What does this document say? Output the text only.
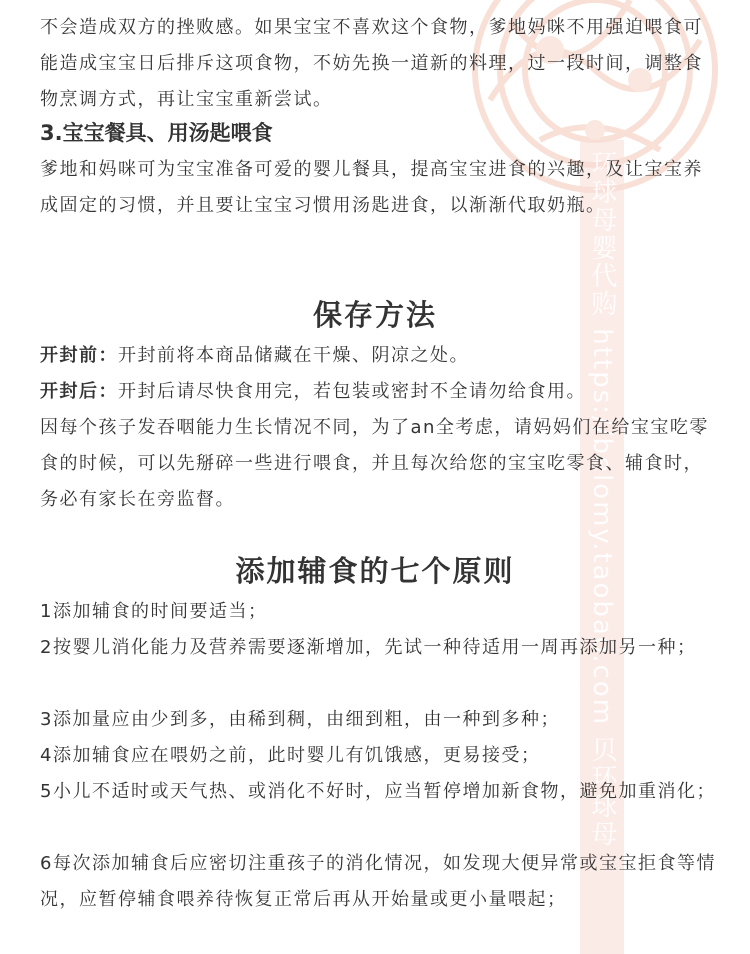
环球母婴代购 https://belomy.taobao.com 贝环球母

不会造成双方的挫败感。如果宝宝不喜欢这个食物，爹地妈咪不用强迫喂食可能造成宝宝日后排斥这项食物，不妨先换一道新的料理，过一段时间，调整食物烹调方式，再让宝宝重新尝试。

3.宝宝餐具、用汤匙喂食

爹地和妈咪可为宝宝准备可爱的婴儿餐具，提高宝宝进食的兴趣，及让宝宝养成固定的习惯，并且要让宝宝习惯用汤匙进食，以渐渐代取奶瓶。

保存方法

开封前：开封前将本商品储藏在干燥、阴凉之处。

开封后：开封后请尽快食用完，若包装或密封不全请勿给食用。

因每个孩子发吞咽能力生长情况不同，为了an全考虑，请妈妈们在给宝宝吃零食的时候，可以先掰碎一些进行喂食，并且每次给您的宝宝吃零食、辅食时，务必有家长在旁监督。

添加辅食的七个原则

1添加辅食的时间要适当；

2按婴儿消化能力及营养需要逐渐增加，先试一种待适用一周再添加另一种；

3添加量应由少到多，由稀到稠，由细到粗，由一种到多种；

4添加辅食应在喂奶之前，此时婴儿有饥饿感，更易接受；

5小儿不适时或天气热、或消化不好时，应当暂停增加新食物，避免加重消化；

6每次添加辅食后应密切注重孩子的消化情况，如发现大便异常或宝宝拒食等情况，应暂停辅食喂养待恢复正常后再从开始量或更小量喂起；
